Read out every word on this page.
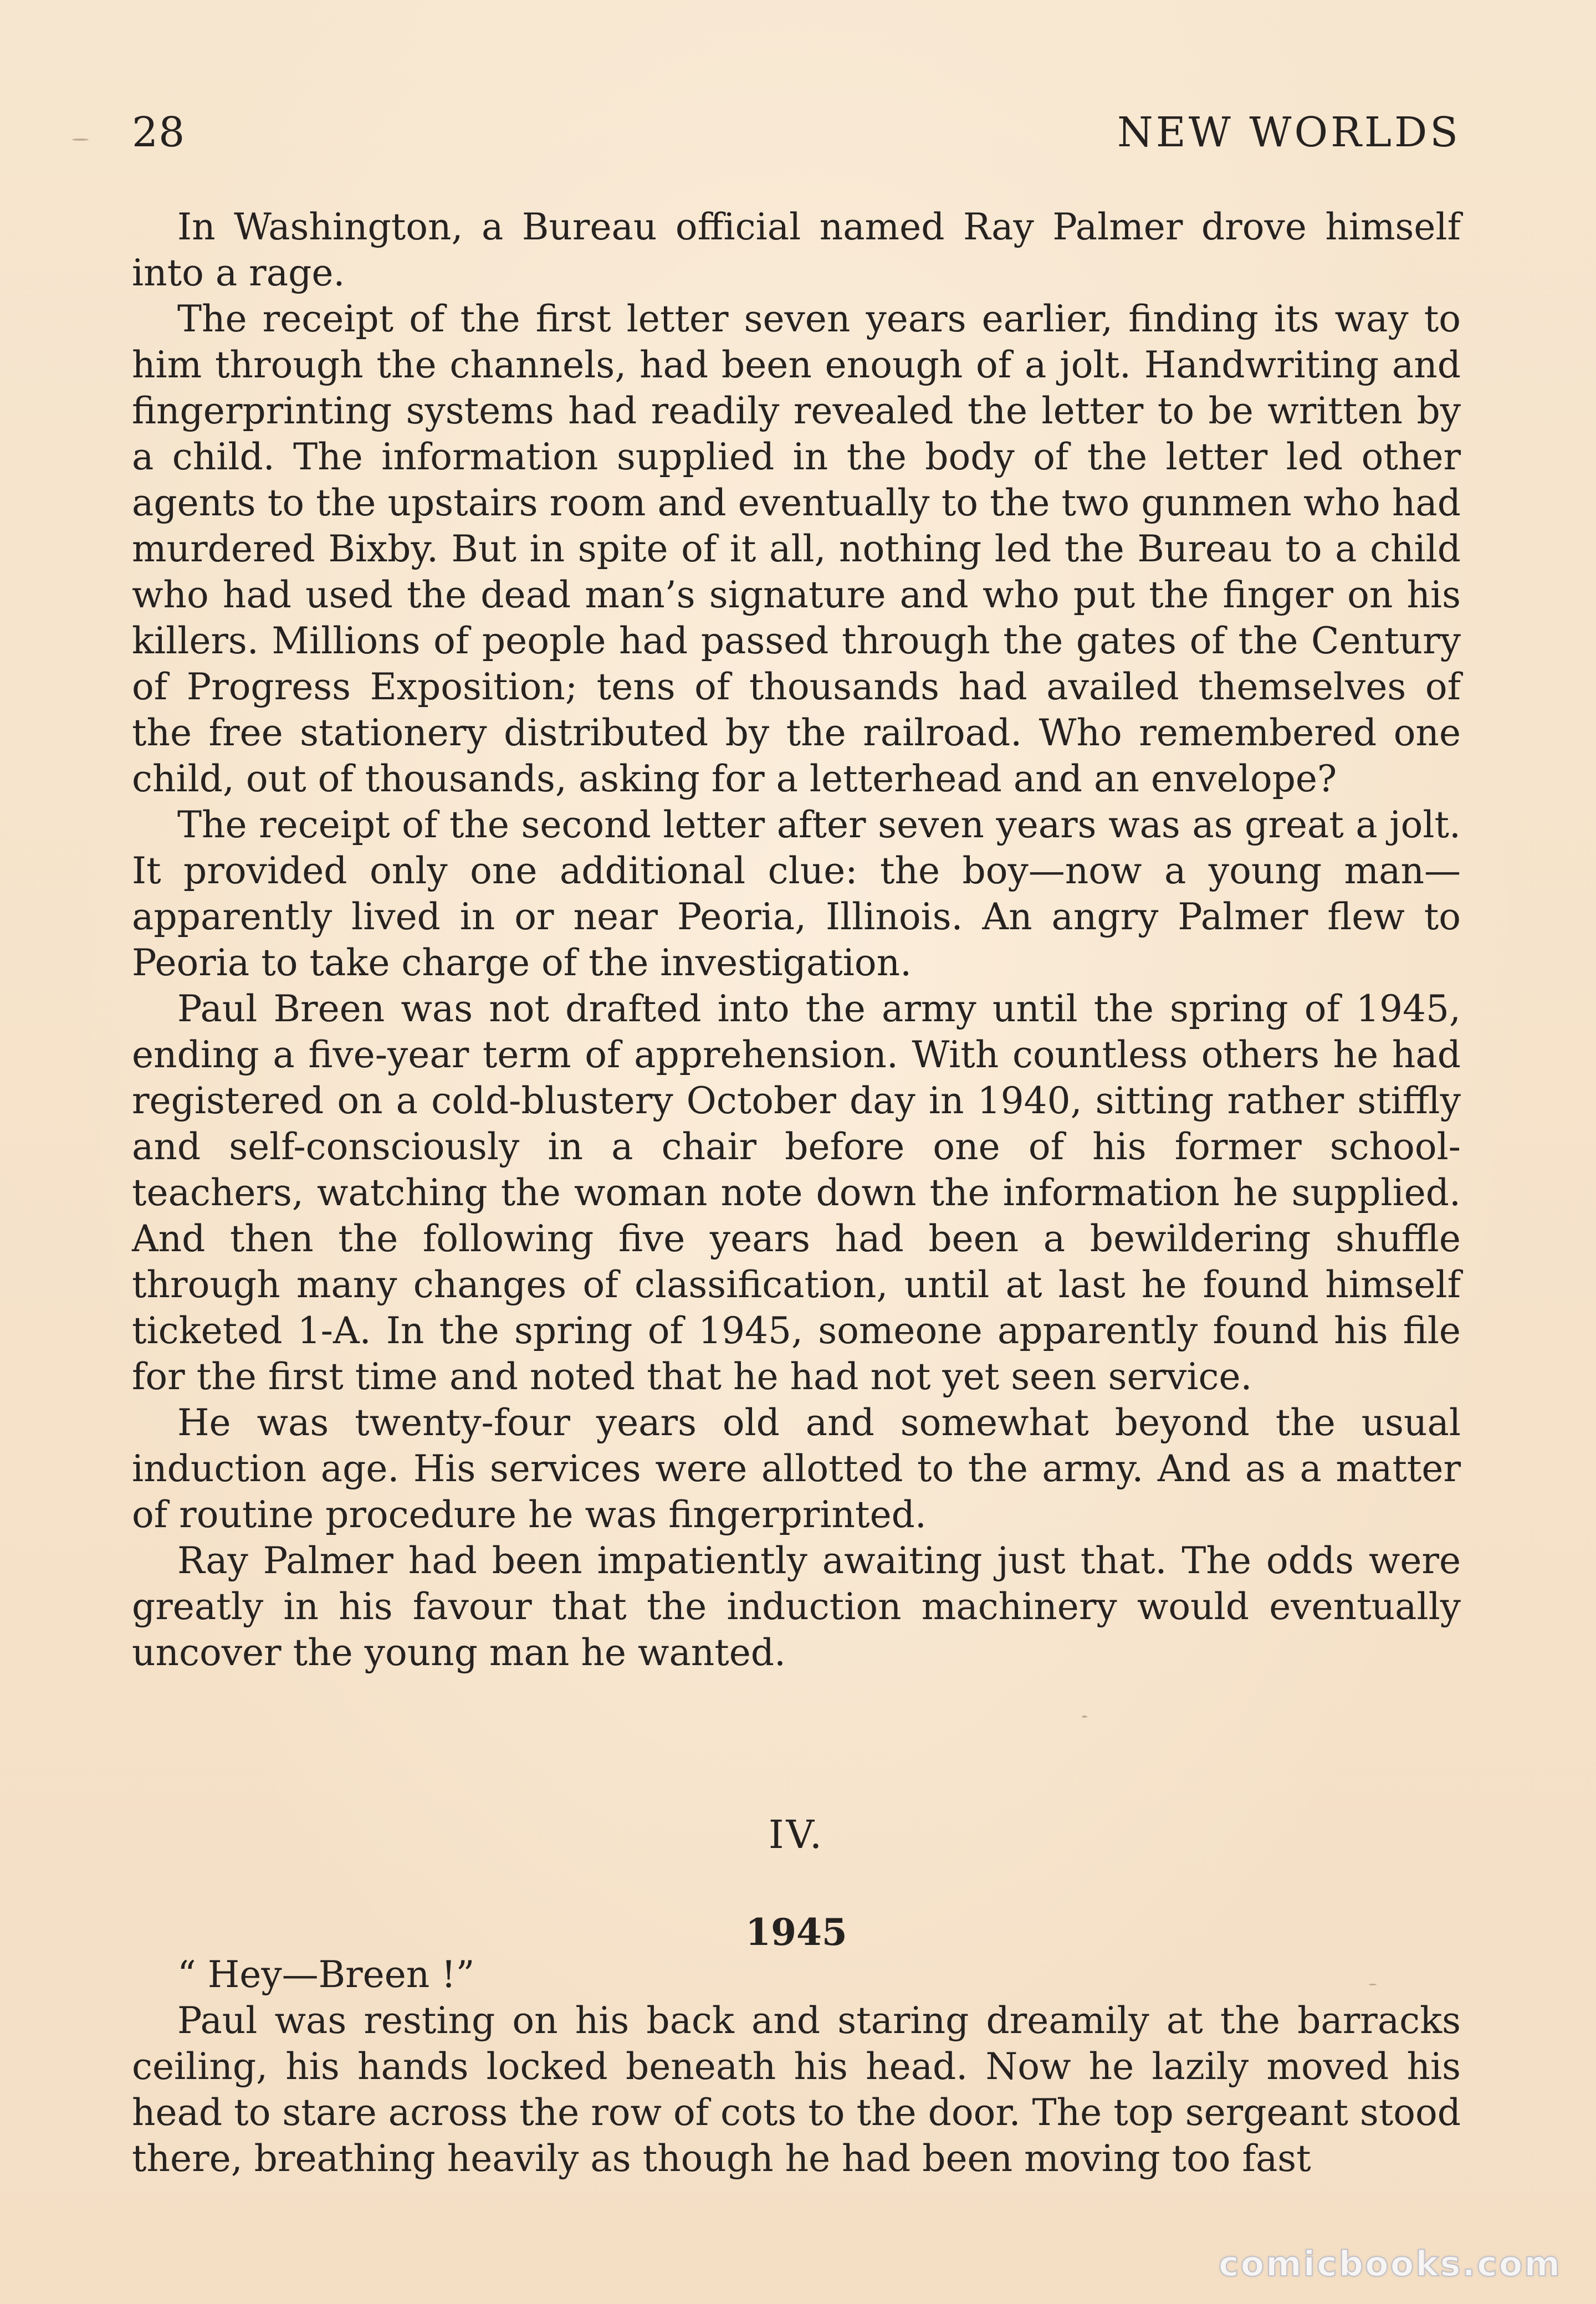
28	NEW WORLDS

In Washington, a Bureau official named Ray Palmer drove himself into a rage.

The receipt of the first letter seven years earlier, finding its way to him through the channels, had been enough of a jolt. Handwriting and fingerprinting systems had readily revealed the letter to be written by a child. The information supplied in the body of the letter led other agents to the upstairs room and eventually to the two gunmen who had murdered Bixby. But in spite of it all, nothing led the Bureau to a child who had used the dead man’s signature and who put the finger on his killers. Millions of people had passed through the gates of the Century of Progress Exposition; tens of thousands had availed themselves of the free stationery distributed by the railroad. Who remembered one child, out of thousands, asking for a letterhead and an envelope?

The receipt of the second letter after seven years was as great a jolt. It provided only one additional clue: the boy—now a young man—apparently lived in or near Peoria, Illinois. An angry Palmer flew to Peoria to take charge of the investigation.

Paul Breen was not drafted into the army until the spring of 1945, ending a five-year term of apprehension. With countless others he had registered on a cold-blustery October day in 1940, sitting rather stiffly and self-consciously in a chair before one of his former school-teachers, watching the woman note down the information he supplied. And then the following five years had been a bewildering shuffle through many changes of classification, until at last he found himself ticketed 1-A. In the spring of 1945, someone apparently found his file for the first time and noted that he had not yet seen service.

He was twenty-four years old and somewhat beyond the usual induction age. His services were allotted to the army. And as a matter of routine procedure he was fingerprinted.

Ray Palmer had been impatiently awaiting just that. The odds were greatly in his favour that the induction machinery would eventually uncover the young man he wanted.

IV.
1945

“ Hey—Breen !”

Paul was resting on his back and staring dreamily at the barracks ceiling, his hands locked beneath his head. Now he lazily moved his head to stare across the row of cots to the door. The top sergeant stood there, breathing heavily as though he had been moving too fast

comicbooks.com
